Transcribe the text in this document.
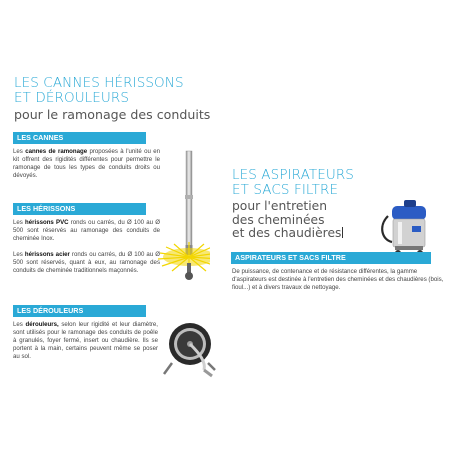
LES CANNES HÉRISSONS
ET DÉROULEURS
pour le ramonage des conduits
LES CANNES
Les cannes de ramonage proposées à l'unité ou en kit offrent des rigidités différentes pour permettre le ramonage de tous les types de conduits droits ou dévoyés.
LES HÉRISSONS
Les hérissons PVC ronds ou carrés, du Ø 100 au Ø 500 sont réservés au ramonage des conduits de cheminée Inox.
Les hérissons acier ronds ou carrés, du Ø 100 au Ø 500 sont réservés, quant à eux, au ramonage des conduits de cheminée traditionnels maçonnés.
LES DÉROULEURS
Les dérouleurs, selon leur rigidité et leur diamètre, sont utilisés pour le ramonage des conduits de poêle à granulés, foyer fermé, insert ou chaudière. Ils se portent à la main, certains peuvent même se poser au sol.
LES ASPIRATEURS
ET SACS FILTRE
pour l'entretien
des cheminées
et des chaudières
ASPIRATEURS ET SACS FILTRE
De puissance, de contenance et de résistance différentes, la gamme d'aspirateurs est destinée à l'entretien des cheminées et des chaudières (bois, fioul...) et à divers travaux de nettoyage.
